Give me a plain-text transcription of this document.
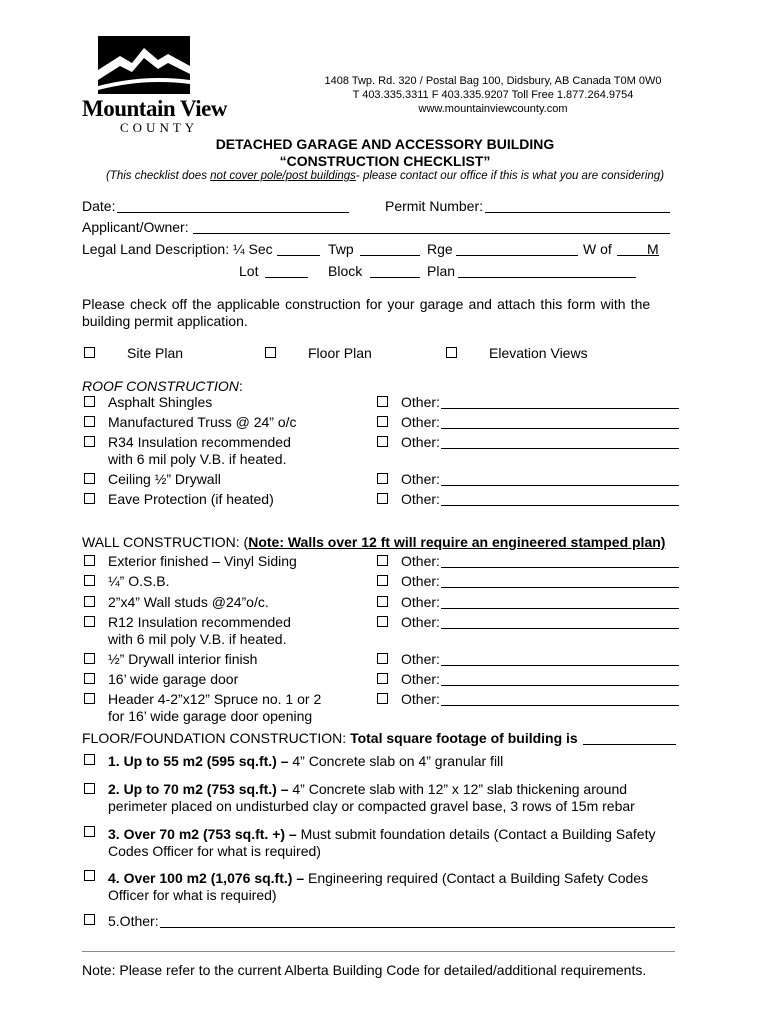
Mountain View
COUNTY
1408 Twp. Rd. 320 / Postal Bag 100, Didsbury, AB Canada T0M 0W0
T 403.335.3311 F 403.335.9207 Toll Free 1.877.264.9754
www.mountainviewcounty.com
DETACHED GARAGE AND ACCESSORY BUILDING
“CONSTRUCTION CHECKLIST”
(This checklist does not cover pole/post buildings- please contact our office if this is what you are considering)
Date:	Permit Number:
Applicant/Owner:
Legal Land Description: ¼ Sec	Twp	Rge	W of	M
Lot	Block	Plan
Please check off the applicable construction for your garage and attach this form with the
building permit application.
Site Plan	Floor Plan	Elevation Views
ROOF CONSTRUCTION:
Asphalt Shingles
Manufactured Truss @ 24” o/c
R34 Insulation recommended
with 6 mil poly V.B. if heated.
Ceiling ½” Drywall
Eave Protection (if heated)
Other:
Other:
Other:
Other:
Other:
WALL CONSTRUCTION: (Note: Walls over 12 ft will require an engineered stamped plan)
Exterior finished – Vinyl Siding
¼” O.S.B.
2”x4” Wall studs @24”o/c.
R12 Insulation recommended
with 6 mil poly V.B. if heated.
½” Drywall interior finish
16’ wide garage door
Header 4-2”x12” Spruce no. 1 or 2
for 16’ wide garage door opening
Other:
Other:
Other:
Other:
Other:
Other:
Other:
FLOOR/FOUNDATION CONSTRUCTION: Total square footage of building is
1. Up to 55 m2 (595 sq.ft.) – 4” Concrete slab on 4” granular fill
2. Up to 70 m2 (753 sq.ft.) – 4” Concrete slab with 12” x 12” slab thickening around
perimeter placed on undisturbed clay or compacted gravel base, 3 rows of 15m rebar
3. Over 70 m2 (753 sq.ft. +) – Must submit foundation details (Contact a Building Safety
Codes Officer for what is required)
4. Over 100 m2 (1,076 sq.ft.) – Engineering required (Contact a Building Safety Codes
Officer for what is required)
5.Other:
Note: Please refer to the current Alberta Building Code for detailed/additional requirements.
